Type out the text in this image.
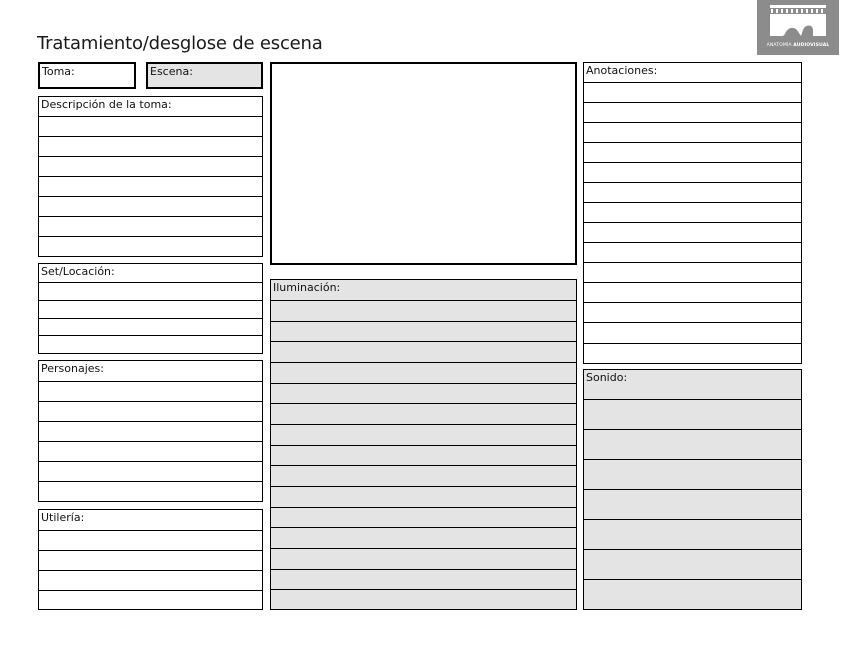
Tratamiento/desglose de escena	ANATOMÍA AUDIOVISUAL
Toma:	Escena:
Descripción de la toma:
Set/Locación:
Personajes:
Utilería:
Iluminación:
Anotaciones:
Sonido:
